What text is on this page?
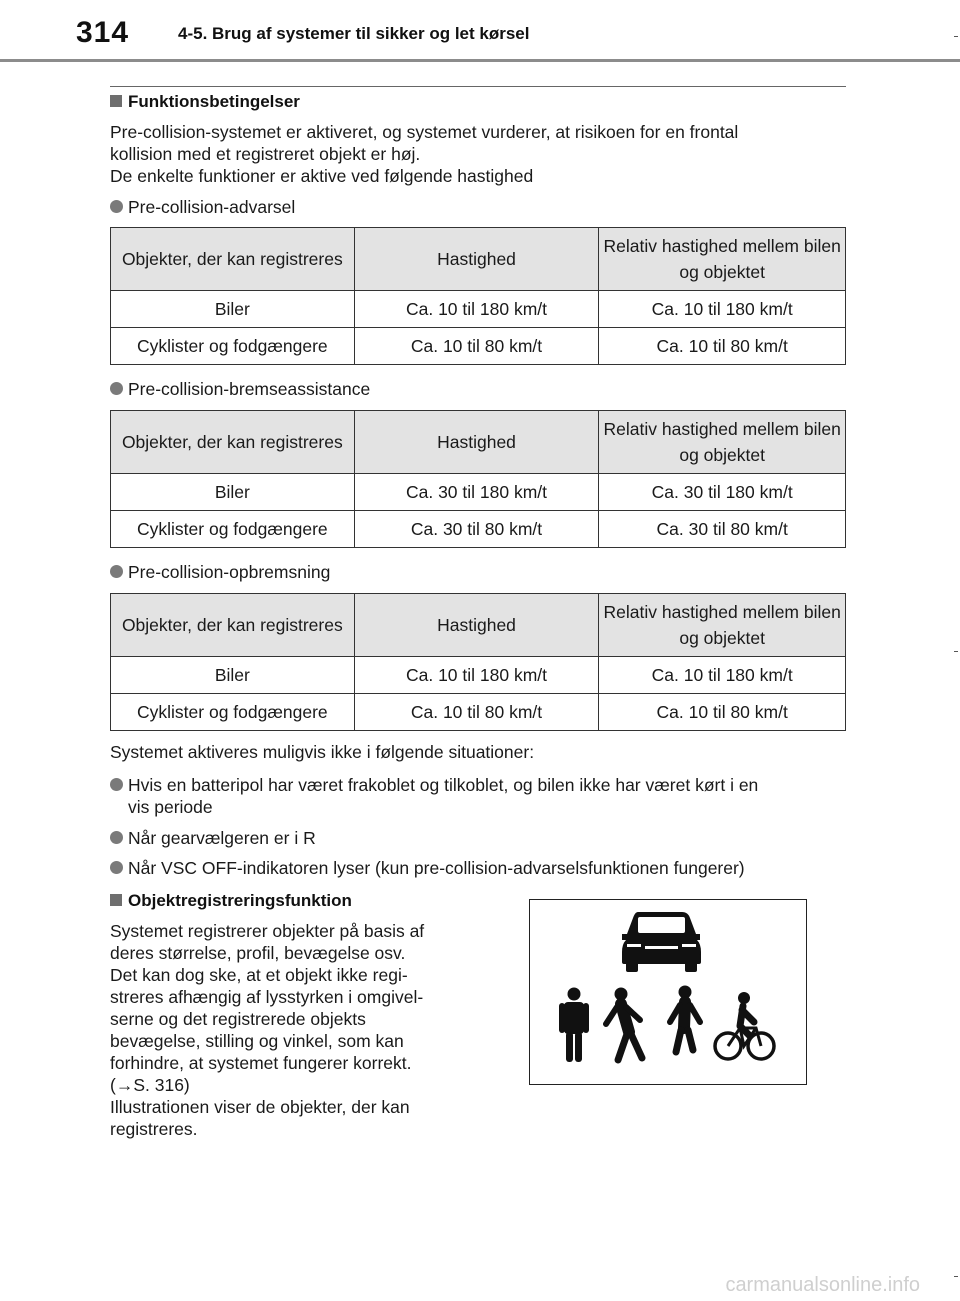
314	4-5. Brug af systemer til sikker og let kørsel
Funktionsbetingelser
Pre-collision-systemet er aktiveret, og systemet vurderer, at risikoen for en frontal
kollision med et registreret objekt er høj.
De enkelte funktioner er aktive ved følgende hastighed
Pre-collision-advarsel
Objekter, der kan registreres	Hastighed	Relativ hastighed mellem bilen og objektet
Biler	Ca. 10 til 180 km/t	Ca. 10 til 180 km/t
Cyklister og fodgængere	Ca. 10 til 80 km/t	Ca. 10 til 80 km/t
Pre-collision-bremseassistance
Objekter, der kan registreres	Hastighed	Relativ hastighed mellem bilen og objektet
Biler	Ca. 30 til 180 km/t	Ca. 30 til 180 km/t
Cyklister og fodgængere	Ca. 30 til 80 km/t	Ca. 30 til 80 km/t
Pre-collision-opbremsning
Objekter, der kan registreres	Hastighed	Relativ hastighed mellem bilen og objektet
Biler	Ca. 10 til 180 km/t	Ca. 10 til 180 km/t
Cyklister og fodgængere	Ca. 10 til 80 km/t	Ca. 10 til 80 km/t
Systemet aktiveres muligvis ikke i følgende situationer:
Hvis en batteripol har været frakoblet og tilkoblet, og bilen ikke har været kørt i en
vis periode
Når gearvælgeren er i R
Når VSC OFF-indikatoren lyser (kun pre-collision-advarselsfunktionen fungerer)
Objektregistreringsfunktion
Systemet registrerer objekter på basis af
deres størrelse, profil, bevægelse osv.
Det kan dog ske, at et objekt ikke regi-
streres afhængig af lysstyrken i omgivel-
serne og det registrerede objekts
bevægelse, stilling og vinkel, som kan
forhindre, at systemet fungerer korrekt.
(→S. 316)
Illustrationen viser de objekter, der kan
registreres.
carmanualsonline.info
